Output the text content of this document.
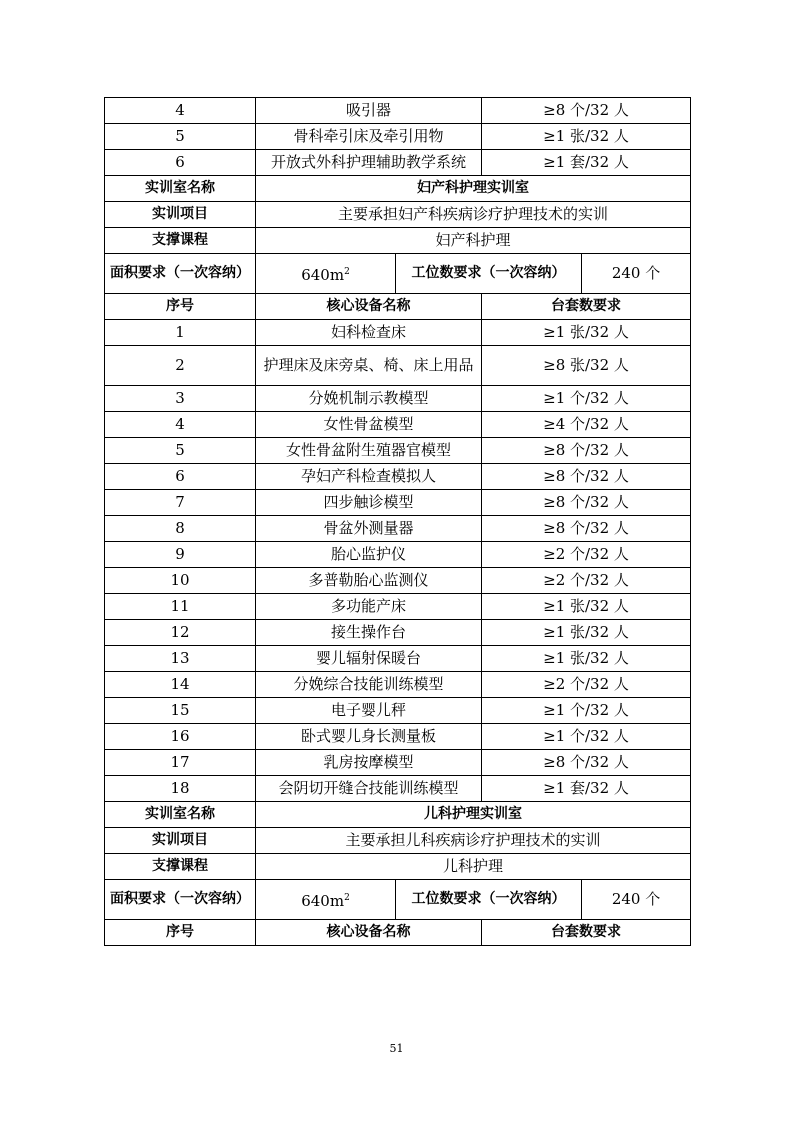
4	吸引器		≥8 个/32 人	
5	骨科牵引床及牵引用物		≥1 张/32 人	
6	开放式外科护理辅助教学系统		≥1 套/32 人	
实训室名称	妇产科护理实训室			
实训项目	主要承担妇产科疾病诊疗护理技术的实训			
支撑课程	妇产科护理			
面积要求（一次容纳）	$640m^2$	工位数要求（一次容纳）		240 个
序号	核心设备名称		台套数要求	
1	妇科检查床		≥1 张/32 人	
2	护理床及床旁桌、椅、床上用品		≥8 张/32 人	
3	分娩机制示教模型		≥1 个/32 人	
4	女性骨盆模型		≥4 个/32 人	
5	女性骨盆附生殖器官模型		≥8 个/32 人	
6	孕妇产科检查模拟人		≥8 个/32 人	
7	四步触诊模型		≥8 个/32 人	
8	骨盆外测量器		≥8 个/32 人	
9	胎心监护仪		≥2 个/32 人	
10	多普勒胎心监测仪		≥2 个/32 人	
11	多功能产床		≥1 张/32 人	
12	接生操作台		≥1 张/32 人	
13	婴儿辐射保暖台		≥1 张/32 人	
14	分娩综合技能训练模型		≥2 个/32 人	
15	电子婴儿秤		≥1 个/32 人	
16	卧式婴儿身长测量板		≥1 个/32 人	
17	乳房按摩模型		≥8 个/32 人	
18	会阴切开缝合技能训练模型		≥1 套/32 人	
实训室名称	儿科护理实训室			
实训项目	主要承担儿科疾病诊疗护理技术的实训			
支撑课程	儿科护理			
面积要求（一次容纳）	$640m^2$	工位数要求（一次容纳）		240 个
序号	核心设备名称		台套数要求	
51
